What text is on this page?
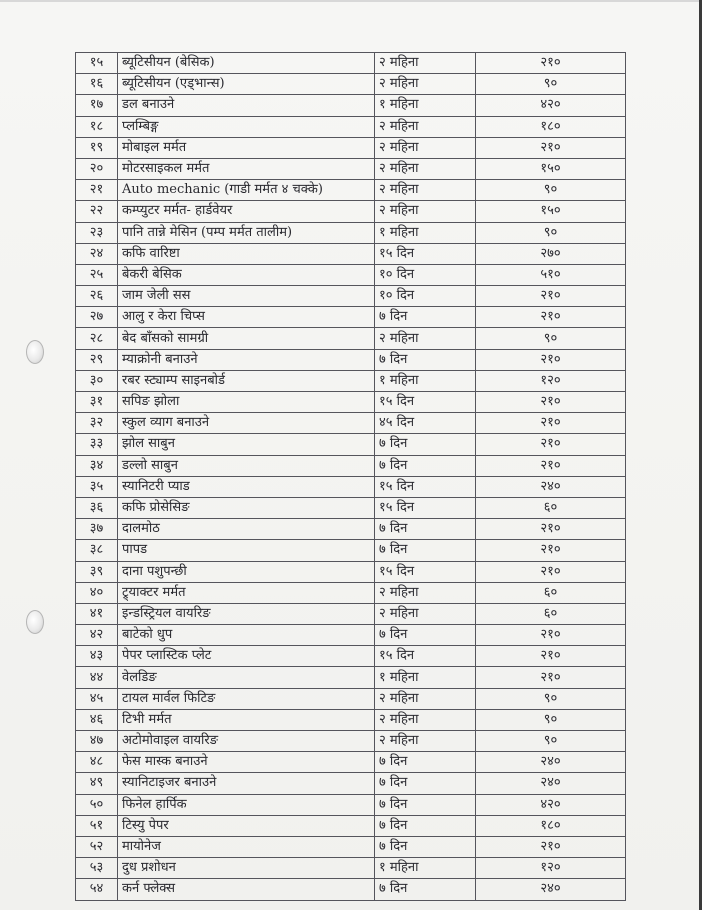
१५	ब्यूटिसीयन (बेसिक)	२ महिना	२१०
१६	ब्यूटिसीयन (एड्भान्स)	२ महिना	९०
१७	डल बनाउने	१ महिना	४२०
१८	प्लम्बिङ्ग	२ महिना	१८०
१९	मोबाइल मर्मत	२ महिना	२१०
२०	मोटरसाइकल मर्मत	२ महिना	१५०
२१	Auto mechanic (गाडी मर्मत ४ चक्के)	२ महिना	९०
२२	कम्प्युटर मर्मत- हार्डवेयर	२ महिना	१५०
२३	पानि तान्ने मेसिन (पम्प मर्मत तालीम)	१ महिना	९०
२४	कफि वारिष्टा	१५ दिन	२७०
२५	बेकरी बेसिक	१० दिन	५१०
२६	जाम जेली सस	१० दिन	२१०
२७	आलु र केरा चिप्स	७ दिन	२१०
२८	बेद बाँसको सामग्री	२ महिना	९०
२९	म्याक्रोनी बनाउने	७ दिन	२१०
३०	रबर स्ट्याम्प साइनबोर्ड	१ महिना	१२०
३१	सपिङ झोला	१५ दिन	२१०
३२	स्कुल व्याग बनाउने	४५ दिन	२१०
३३	झोल साबुन	७ दिन	२१०
३४	डल्लो साबुन	७ दिन	२१०
३५	स्यानिटरी प्याड	१५ दिन	२४०
३६	कफि प्रोसेसिङ	१५ दिन	६०
३७	दालमोठ	७ दिन	२१०
३८	पापड	७ दिन	२१०
३९	दाना पशुपन्छी	१५ दिन	२१०
४०	ट्र्याक्टर मर्मत	२ महिना	६०
४१	इन्डस्ट्रियल वायरिङ	२ महिना	६०
४२	बाटेको धुप	७ दिन	२१०
४३	पेपर प्लास्टिक प्लेट	१५ दिन	२१०
४४	वेलडिङ	१ महिना	२१०
४५	टायल मार्वल फिटिङ	२ महिना	९०
४६	टिभी मर्मत	२ महिना	९०
४७	अटोमोवाइल वायरिङ	२ महिना	९०
४८	फेस मास्क बनाउने	७ दिन	२४०
४९	स्यानिटाइजर बनाउने	७ दिन	२४०
५०	फिनेल हार्पिक	७ दिन	४२०
५१	टिस्यु पेपर	७ दिन	१८०
५२	मायोनेज	७ दिन	२१०
५३	दुध प्रशोधन	१ महिना	१२०
५४	कर्न फ्लेक्स	७ दिन	२४०
